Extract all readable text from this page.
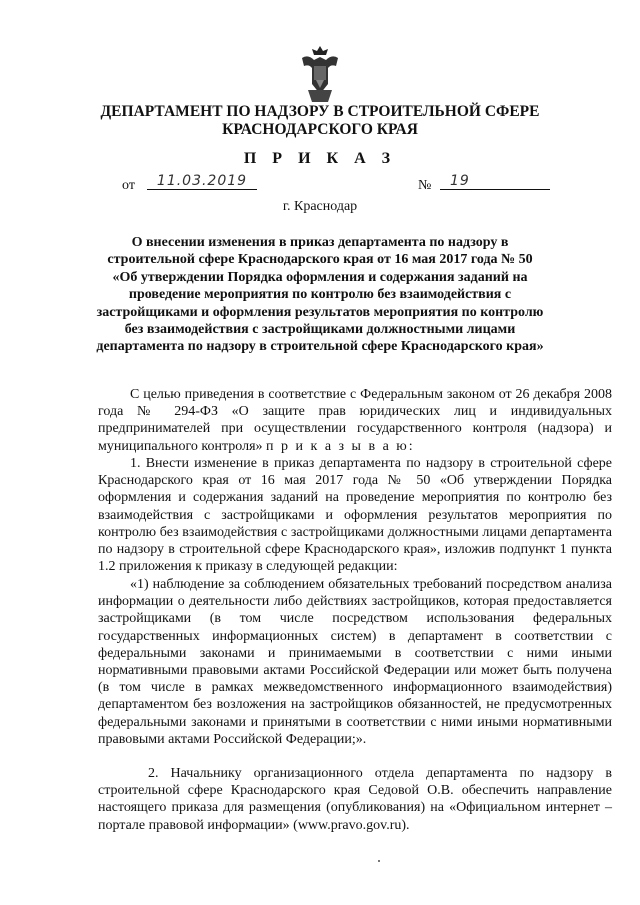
ДЕПАРТАМЕНТ ПО НАДЗОРУ В СТРОИТЕЛЬНОЙ СФЕРЕ
КРАСНОДАРСКОГО КРАЯ
П Р И К А З
от	11.03.2019	№	19
г. Краснодар
О внесении изменения в приказ департамента по надзору в строительной сфере Краснодарского края от 16 мая 2017 года № 50 «Об утверждении Порядка оформления и содержания заданий на проведение мероприятия по контролю без взаимодействия с застройщиками и оформления результатов мероприятия по контролю без взаимодействия с застройщиками должностными лицами департамента по надзору в строительной сфере Краснодарского края»

С целью приведения в соответствие с Федеральным законом от 26 декабря 2008 года № 294-ФЗ «О защите прав юридических лиц и индивидуальных предпринимателей при осуществлении государственного контроля (надзора) и муниципального контроля» п р и к а з ы в а ю:

1. Внести изменение в приказ департамента по надзору в строительной сфере Краснодарского края от 16 мая 2017 года № 50 «Об утверждении Порядка оформления и содержания заданий на проведение мероприятия по контролю без взаимодействия с застройщиками и оформления результатов мероприятия по контролю без взаимодействия с застройщиками должностными лицами департамента по надзору в строительной сфере Краснодарского края», изложив подпункт 1 пункта 1.2 приложения к приказу в следующей редакции:

«1) наблюдение за соблюдением обязательных требований посредством анализа информации о деятельности либо действиях застройщиков, которая предоставляется застройщиками (в том числе посредством использования федеральных государственных информационных систем) в департамент в соответствии с федеральными законами и принимаемыми в соответствии с ними иными нормативными правовыми актами Российской Федерации или может быть получена (в том числе в рамках межведомственного информационного взаимодействия) департаментом без возложения на застройщиков обязанностей, не предусмотренных федеральными законами и принятыми в соответствии с ними иными нормативными правовыми актами Российской Федерации;».

2. Начальнику организационного отдела департамента по надзору в строительной сфере Краснодарского края Седовой О.В. обеспечить направление настоящего приказа для размещения (опубликования) на «Официальном интернет – портале правовой информации» (www.pravo.gov.ru).
